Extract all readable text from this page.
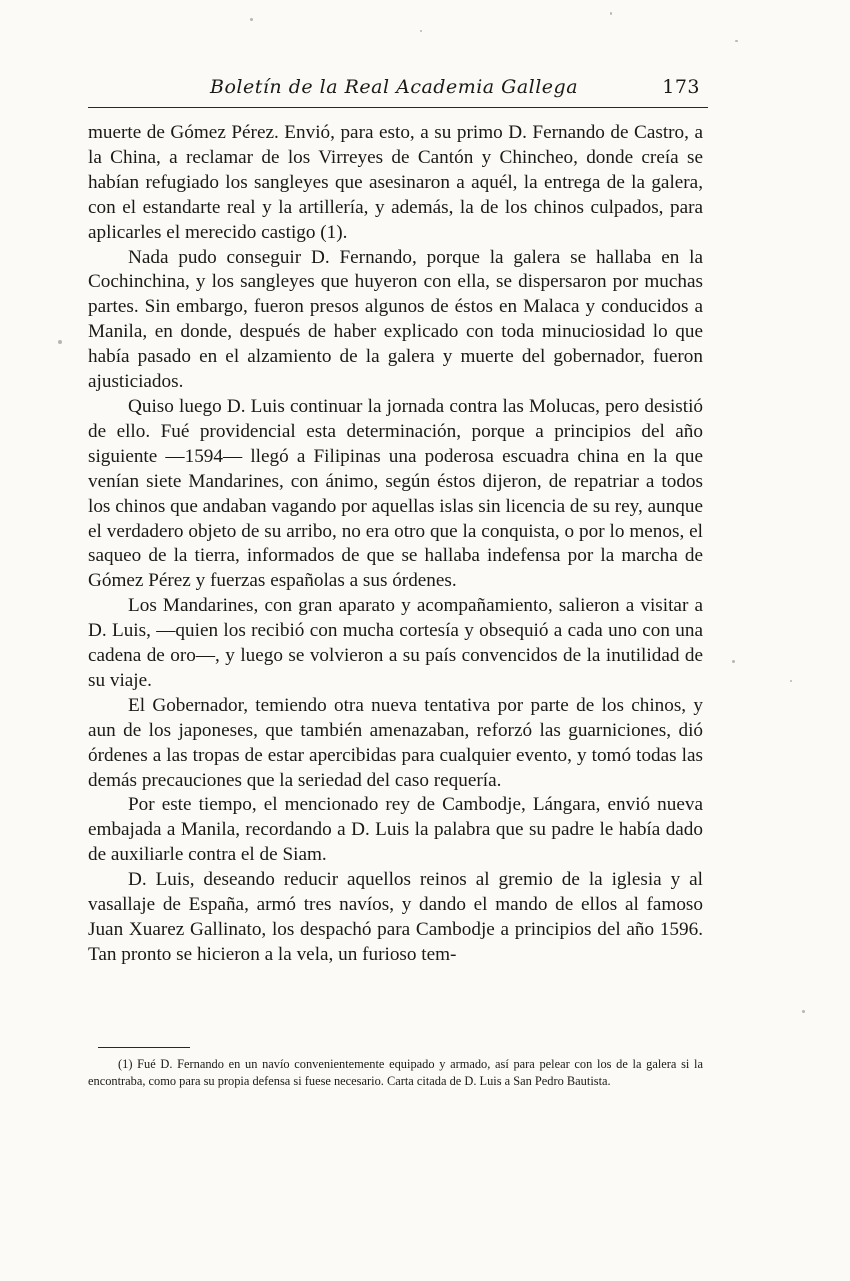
Boletín de la Real Academia Gallega	173

muerte de Gómez Pérez. Envió, para esto, a su primo D. Fernando de Castro, a la China, a reclamar de los Virreyes de Cantón y Chincheo, donde creía se habían refugiado los sangleyes que asesinaron a aquél, la entrega de la galera, con el estandarte real y la artillería, y además, la de los chinos culpados, para aplicarles el merecido castigo (1).

Nada pudo conseguir D. Fernando, porque la galera se hallaba en la Cochinchina, y los sangleyes que huyeron con ella, se dispersaron por muchas partes. Sin embargo, fueron presos algunos de éstos en Malaca y conducidos a Manila, en donde, después de haber explicado con toda minuciosidad lo que había pasado en el alzamiento de la galera y muerte del gobernador, fueron ajusticiados.

Quiso luego D. Luis continuar la jornada contra las Molucas, pero desistió de ello. Fué providencial esta determinación, porque a principios del año siguiente —1594— llegó a Filipinas una poderosa escuadra china en la que venían siete Mandarines, con ánimo, según éstos dijeron, de repatriar a todos los chinos que andaban vagando por aquellas islas sin licencia de su rey, aunque el verdadero objeto de su arribo, no era otro que la conquista, o por lo menos, el saqueo de la tierra, informados de que se hallaba indefensa por la marcha de Gómez Pérez y fuerzas españolas a sus órdenes.

Los Mandarines, con gran aparato y acompañamiento, salieron a visitar a D. Luis, —quien los recibió con mucha cortesía y obsequió a cada uno con una cadena de oro—, y luego se volvieron a su país convencidos de la inutilidad de su viaje.

El Gobernador, temiendo otra nueva tentativa por parte de los chinos, y aun de los japoneses, que también amenazaban, reforzó las guarniciones, dió órdenes a las tropas de estar apercibidas para cualquier evento, y tomó todas las demás precauciones que la seriedad del caso requería.

Por este tiempo, el mencionado rey de Cambodje, Lángara, envió nueva embajada a Manila, recordando a D. Luis la palabra que su padre le había dado de auxiliarle contra el de Siam.

D. Luis, deseando reducir aquellos reinos al gremio de la iglesia y al vasallaje de España, armó tres navíos, y dando el mando de ellos al famoso Juan Xuarez Gallinato, los despachó para Cambodje a principios del año 1596. Tan pronto se hicieron a la vela, un furioso tem-

(1) Fué D. Fernando en un navío convenientemente equipado y armado, así para pelear con los de la galera si la encontraba, como para su propia defensa si fuese necesario. Carta citada de D. Luis a San Pedro Bautista.
